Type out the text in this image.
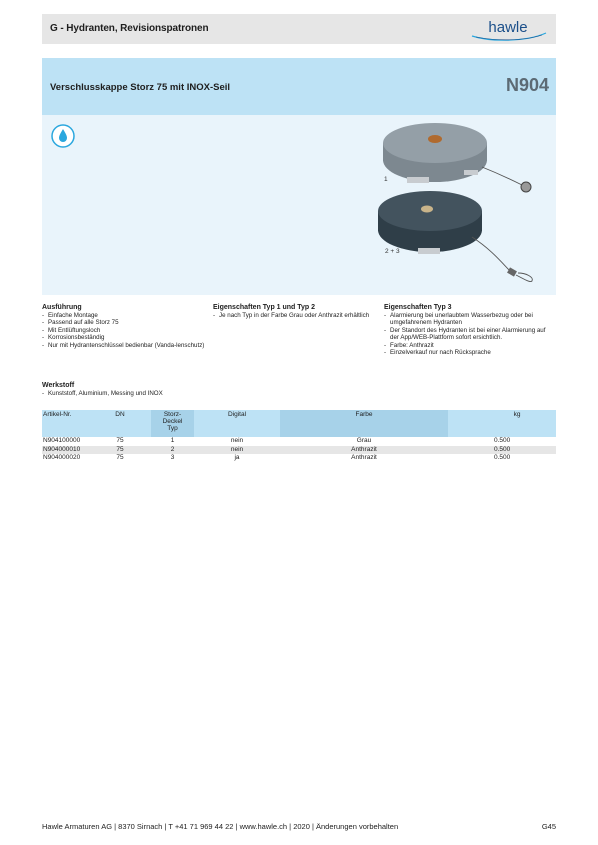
G - Hydranten, Revisionspatronen	hawle
Verschlusskappe Storz 75 mit INOX-Seil	N904
1
2 + 3
Ausführung
- Einfache Montage
- Passend auf alle Storz 75
- Mit Entlüftungsloch
- Korrosionsbeständig
- Nur mit Hydrantenschlüssel bedienbar (Vanda-lenschutz)
Werkstoff
- Kunststoff, Aluminium, Messing und INOX
Eigenschaften Typ 1 und Typ 2
- Je nach Typ in der Farbe Grau oder Anthrazit erhältlich
Eigenschaften Typ 3
- Alarmierung bei unerlaubtem Wasserbezug oder bei umgefahrenem Hydranten
- Der Standort des Hydranten ist bei einer Alarmierung auf der App/WEB-Plattform sofort ersichtlich.
- Farbe: Anthrazit
- Einzelverkauf nur nach Rücksprache
Artikel-Nr.	DN	Storz-
Deckel
Typ
Digital	Farbe	kg
N904100000	75	1	nein	Grau	0.500
N904000010	75	2	nein	Anthrazit	0.500
N904000020	75	3	ja	Anthrazit	0.500
Hawle Armaturen AG | 8370 Sirnach | T +41 71 969 44 22 | www.hawle.ch | 2020 | Änderungen vorbehalten	G45
